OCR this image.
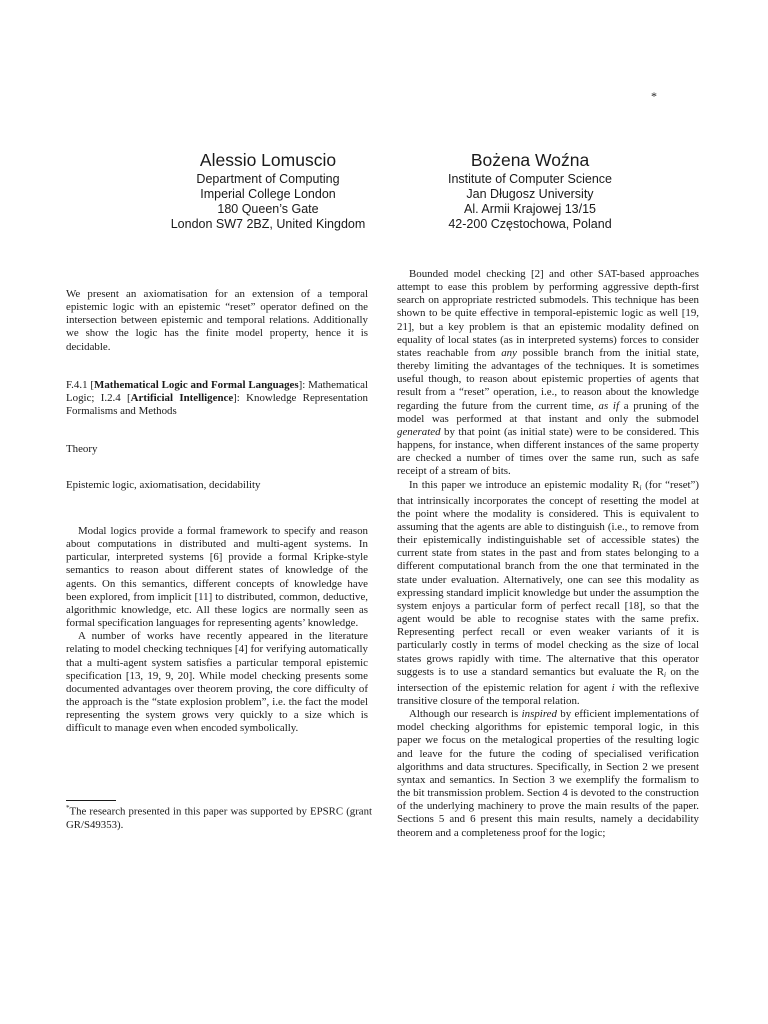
*
Alessio Lomuscio
Department of Computing
Imperial College London
180 Queen’s Gate
London SW7 2BZ, United Kingdom
Bożena Woźna
Institute of Computer Science
Jan Długosz University
Al. Armii Krajowej 13/15
42-200 Częstochowa, Poland

We present an axiomatisation for an extension of a temporal epistemic logic with an epistemic “reset” operator defined on the intersection between epistemic and temporal relations. Additionally we show the logic has the finite model property, hence it is decidable.

F.4.1 [Mathematical Logic and Formal Languages]: Mathematical Logic; I.2.4 [Artificial Intelligence]: Knowledge Representation Formalisms and Methods

Theory

Epistemic logic, axiomatisation, decidability

Modal logics provide a formal framework to specify and reason about computations in distributed and multi-agent systems. In particular, interpreted systems [6] provide a formal Kripke-style semantics to reason about different states of knowledge of the agents. On this semantics, different concepts of knowledge have been explored, from implicit [11] to distributed, common, deductive, algorithmic knowledge, etc. All these logics are normally seen as formal specification languages for representing agents’ knowledge.

A number of works have recently appeared in the literature relating to model checking techniques [4] for verifying automatically that a multi-agent system satisfies a particular temporal epistemic specification [13, 19, 9, 20]. While model checking presents some documented advantages over theorem proving, the core difficulty of the approach is the “state explosion problem”, i.e. the fact the model representing the system grows very quickly to a size which is difficult to manage even when encoded symbolically.

*The research presented in this paper was supported by EPSRC (grant GR/S49353).

Bounded model checking [2] and other SAT-based approaches attempt to ease this problem by performing aggressive depth-first search on appropriate restricted submodels. This technique has been shown to be quite effective in temporal-epistemic logic as well [19, 21], but a key problem is that an epistemic modality defined on equality of local states (as in interpreted systems) forces to consider states reachable from any possible branch from the initial state, thereby limiting the advantages of the techniques. It is sometimes useful though, to reason about epistemic properties of agents that result from a “reset” operation, i.e., to reason about the knowledge regarding the future from the current time, as if a pruning of the model was performed at that instant and only the submodel generated by that point (as initial state) were to be considered. This happens, for instance, when different instances of the same property are checked a number of times over the same run, such as safe receipt of a stream of bits.

In this paper we introduce an epistemic modality $R_i$ (for “reset”) that intrinsically incorporates the concept of resetting the model at the point where the modality is considered. This is equivalent to assuming that the agents are able to distinguish (i.e., to remove from their epistemically indistinguishable set of accessible states) the current state from states in the past and from states belonging to a different computational branch from the one that terminated in the state under evaluation. Alternatively, one can see this modality as expressing standard implicit knowledge but under the assumption the system enjoys a particular form of perfect recall [18], so that the agent would be able to recognise states with the same prefix. Representing perfect recall or even weaker variants of it is particularly costly in terms of model checking as the size of local states grows rapidly with time. The alternative that this operator suggests is to use a standard semantics but evaluate the $R_i$ on the intersection of the epistemic relation for agent i with the reflexive transitive closure of the temporal relation.

Although our research is inspired by efficient implementations of model checking algorithms for epistemic temporal logic, in this paper we focus on the metalogical properties of the resulting logic and leave for the future the coding of specialised verification algorithms and data structures. Specifically, in Section 2 we present syntax and semantics. In Section 3 we exemplify the formalism to the bit transmission problem. Section 4 is devoted to the construction of the underlying machinery to prove the main results of the paper. Sections 5 and 6 present this main results, namely a decidability theorem and a completeness proof for the logic;
